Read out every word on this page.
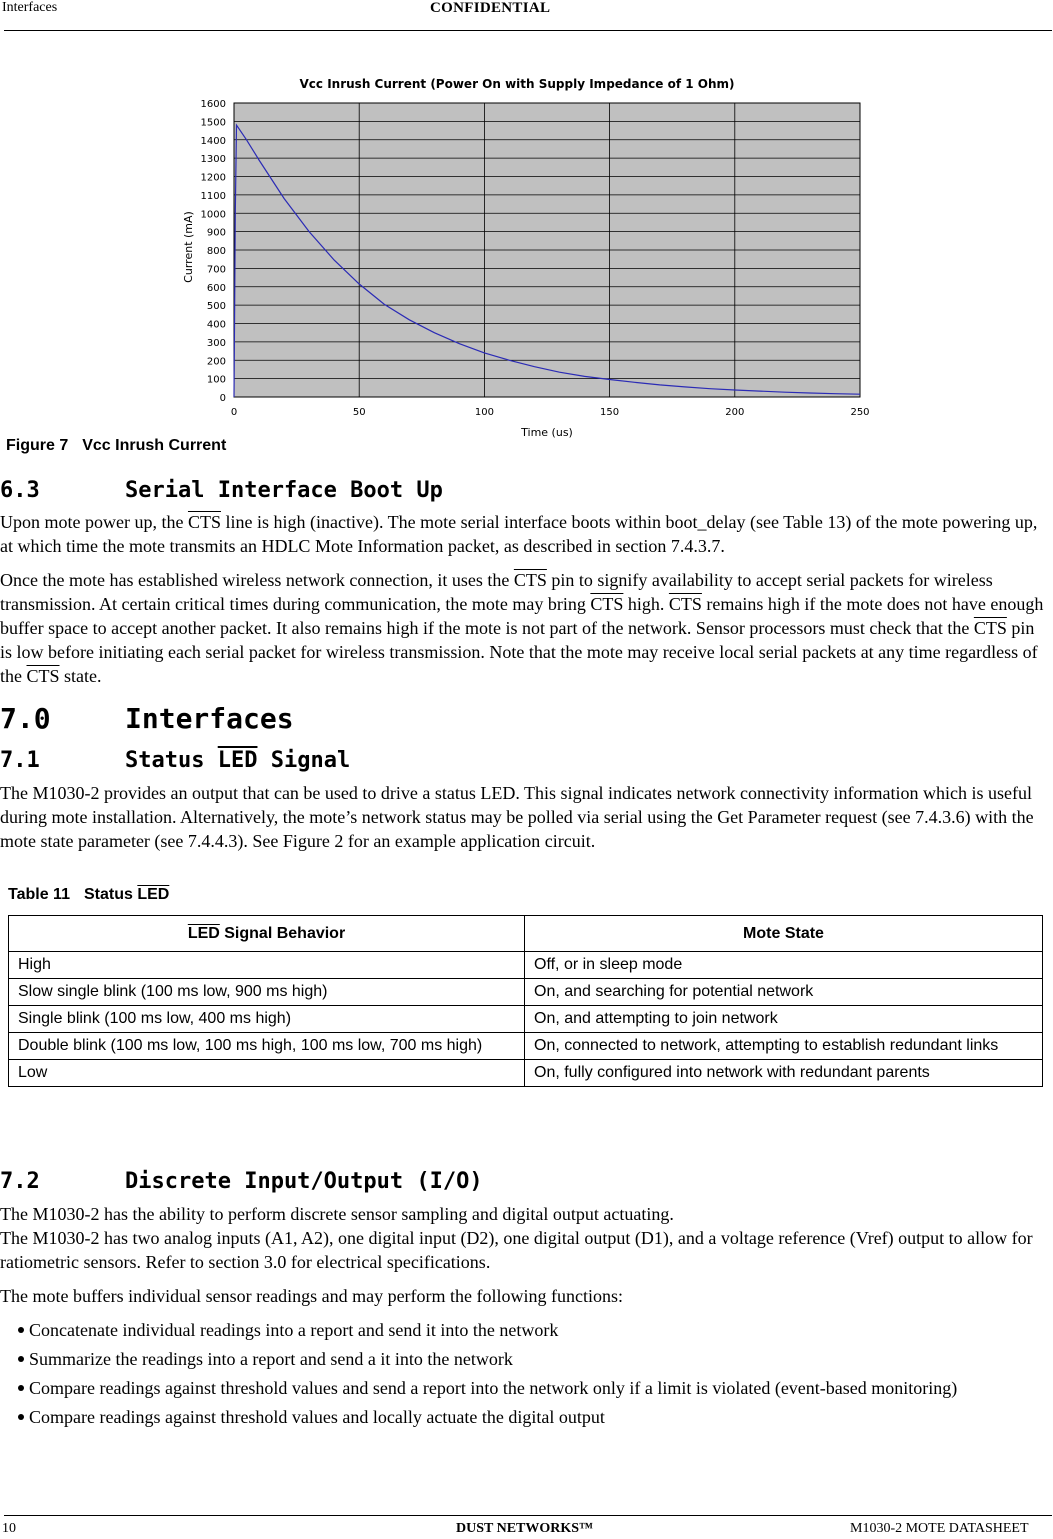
Interfaces	CONFIDENTIAL
0
100
200
300
400
500
600
700
800
900
1000
1100
1200
1300
1400
1500
1600
0	50	100	150	200	250
Vcc Inrush Current (Power On with Supply Impedance of 1 Ohm)
Time (us)
Current (mA)
Figure 7 Vcc Inrush Current
6.3	Serial Interface Boot Up

Upon mote power up, the $\overline{CTS}$ line is high (inactive). The mote serial interface boots within boot_delay (see Table 13) of the mote powering up, at which time the mote transmits an HDLC Mote Information packet, as described in section 7.4.3.7.

Once the mote has established wireless network connection, it uses the $\overline{CTS}$ pin to signify availability to accept serial packets for wireless transmission. At certain critical times during communication, the mote may bring $\overline{CTS}$ high. $\overline{CTS}$ remains high if the mote does not have enough buffer space to accept another packet. It also remains high if the mote is not part of the network. Sensor processors must check that the $\overline{CTS}$ pin is low before initiating each serial packet for wireless transmission. Note that the mote may receive local serial packets at any time regardless of the $\overline{CTS}$ state.

7.0	Interfaces
7.1	Status LED Signal

The M1030-2 provides an output that can be used to drive a status LED. This signal indicates network connectivity information which is useful during mote installation. Alternatively, the mote’s network status may be polled via serial using the Get Parameter request (see 7.4.3.6) with the mote state parameter (see 7.4.4.3). See Figure 2 for an example application circuit.

Table 11 Status $\overline{LED}$
$\overline{LED}$ Signal Behavior	Mote State
High	Off, or in sleep mode
Slow single blink (100 ms low, 900 ms high)	On, and searching for potential network
Single blink (100 ms low, 400 ms high)	On, and attempting to join network
Double blink (100 ms low, 100 ms high, 100 ms low, 700 ms high)	On, connected to network, attempting to establish redundant links
Low	On, fully configured into network with redundant parents
7.2	Discrete Input/Output (I/O)

The M1030-2 has the ability to perform discrete sensor sampling and digital output actuating.

The M1030-2 has two analog inputs (A1, A2), one digital input (D2), one digital output (D1), and a voltage reference (Vref) output to allow for ratiometric sensors. Refer to section 3.0 for electrical specifications.

The mote buffers individual sensor readings and may perform the following functions:

Concatenate individual readings into a report and send it into the network
Summarize the readings into a report and send a it into the network
Compare readings against threshold values and send a report into the network only if a limit is violated (event-based monitoring)
Compare readings against threshold values and locally actuate the digital output
10	DUST NETWORKS™	M1030-2 MOTE DATASHEET
